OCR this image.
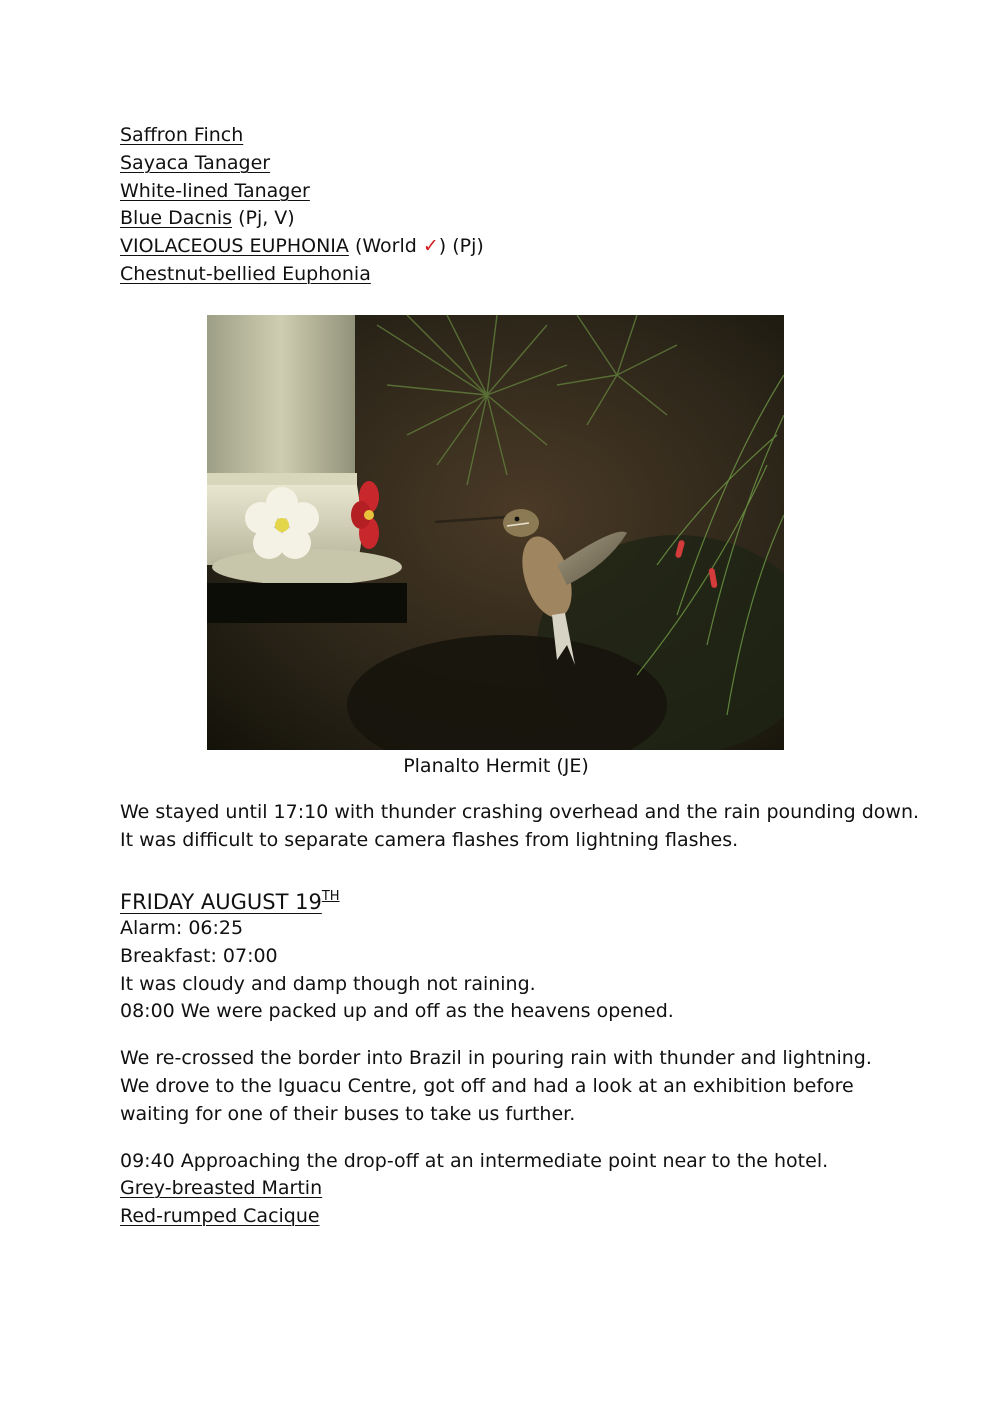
Saffron Finch
Sayaca Tanager
White-lined Tanager
Blue Dacnis (Pj, V)
VIOLACEOUS EUPHONIA (World ✓) (Pj)
Chestnut-bellied Euphonia
Planalto Hermit (JE)
We stayed until 17:10 with thunder crashing overhead and the rain pounding down.
It was difficult to separate camera flashes from lightning flashes.
FRIDAY AUGUST 19TH
Alarm: 06:25
Breakfast: 07:00
It was cloudy and damp though not raining.
08:00 We were packed up and off as the heavens opened.
We re-crossed the border into Brazil in pouring rain with thunder and lightning.
We drove to the Iguacu Centre, got off and had a look at an exhibition before
waiting for one of their buses to take us further.
09:40 Approaching the drop-off at an intermediate point near to the hotel.
Grey-breasted Martin
Red-rumped Cacique
